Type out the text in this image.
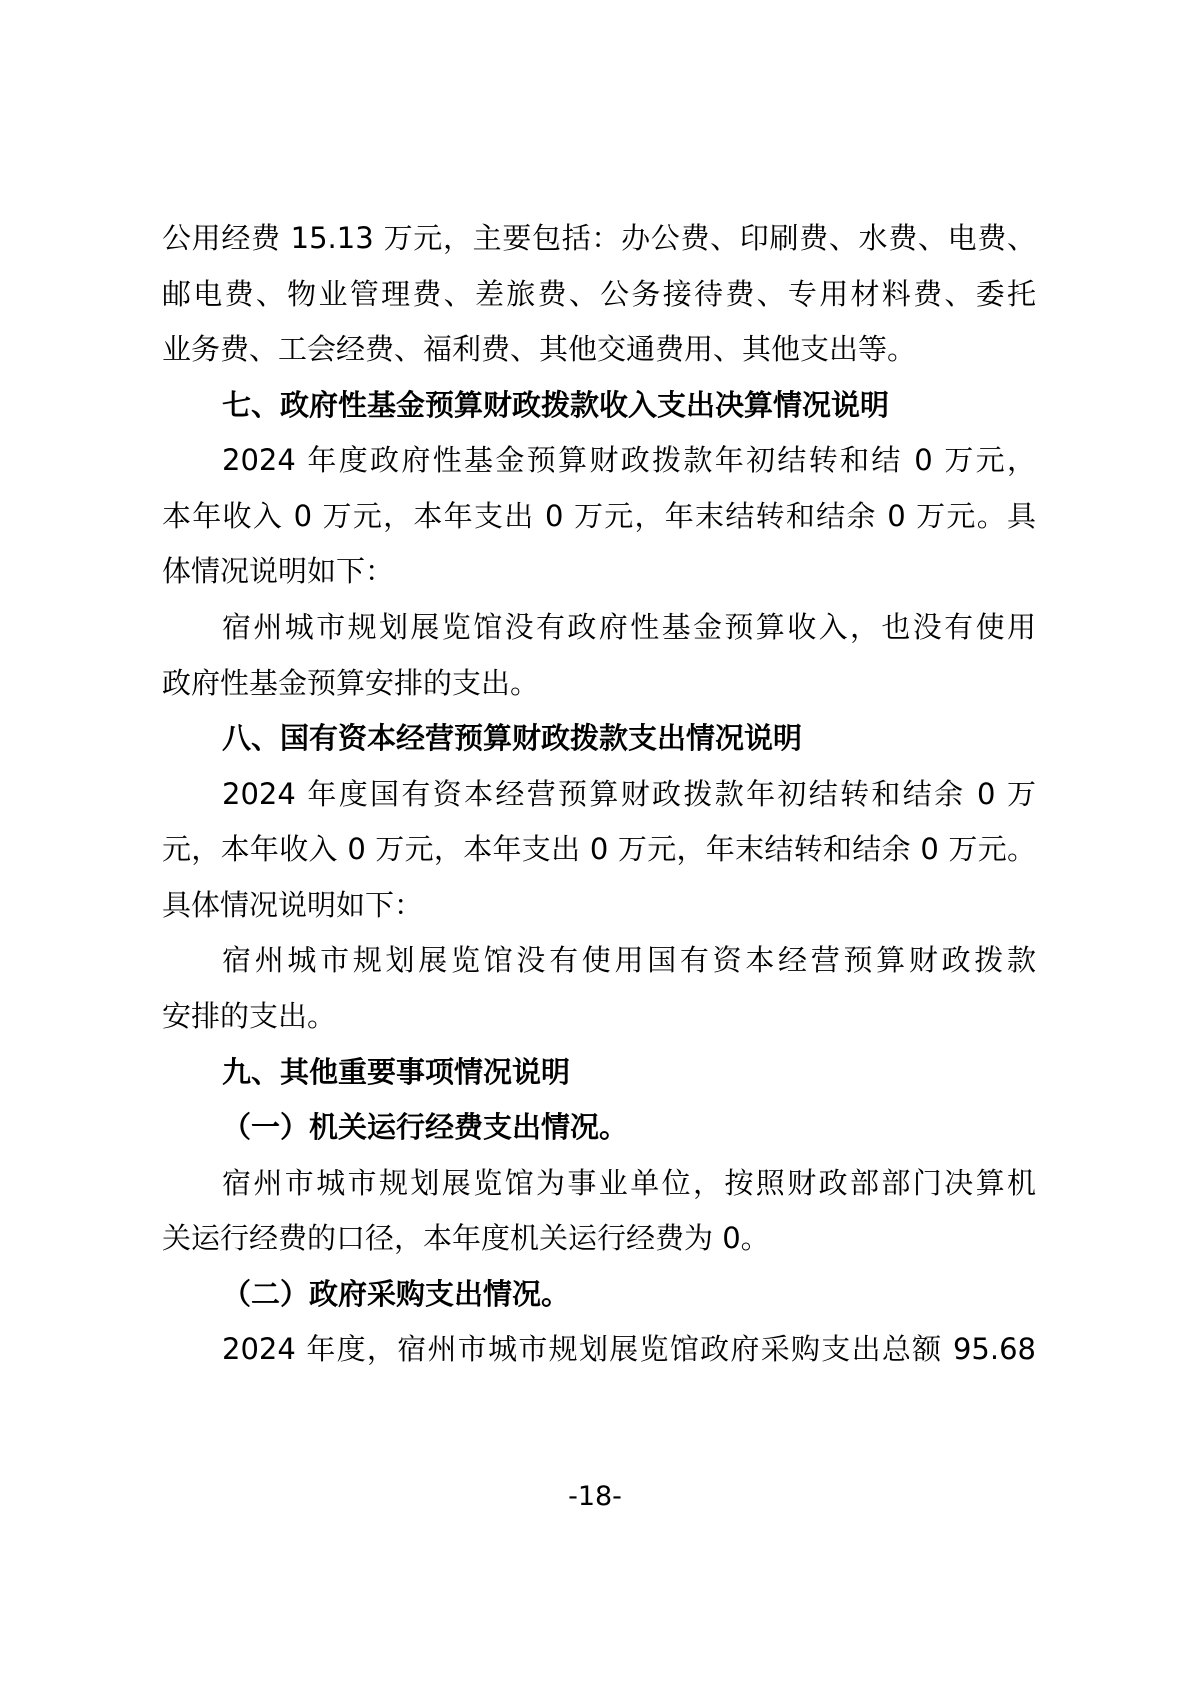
公用经费 15.13 万元，主要包括：办公费、印刷费、水费、电费、
邮电费、物业管理费、差旅费、公务接待费、专用材料费、委托
业务费、工会经费、福利费、其他交通费用、其他支出等。
七、政府性基金预算财政拨款收入支出决算情况说明
2024 年度政府性基金预算财政拨款年初结转和结 0 万元，
本年收入 0 万元，本年支出 0 万元，年末结转和结余 0 万元。具
体情况说明如下：
宿州城市规划展览馆没有政府性基金预算收入，也没有使用
政府性基金预算安排的支出。
八、国有资本经营预算财政拨款支出情况说明
2024 年度国有资本经营预算财政拨款年初结转和结余 0 万
元，本年收入 0 万元，本年支出 0 万元，年末结转和结余 0 万元。
具体情况说明如下：
宿州城市规划展览馆没有使用国有资本经营预算财政拨款
安排的支出。
九、其他重要事项情况说明
（一）机关运行经费支出情况。
宿州市城市规划展览馆为事业单位，按照财政部部门决算机
关运行经费的口径，本年度机关运行经费为 0。
（二）政府采购支出情况。
2024 年度，宿州市城市规划展览馆政府采购支出总额 95.68
-18-
